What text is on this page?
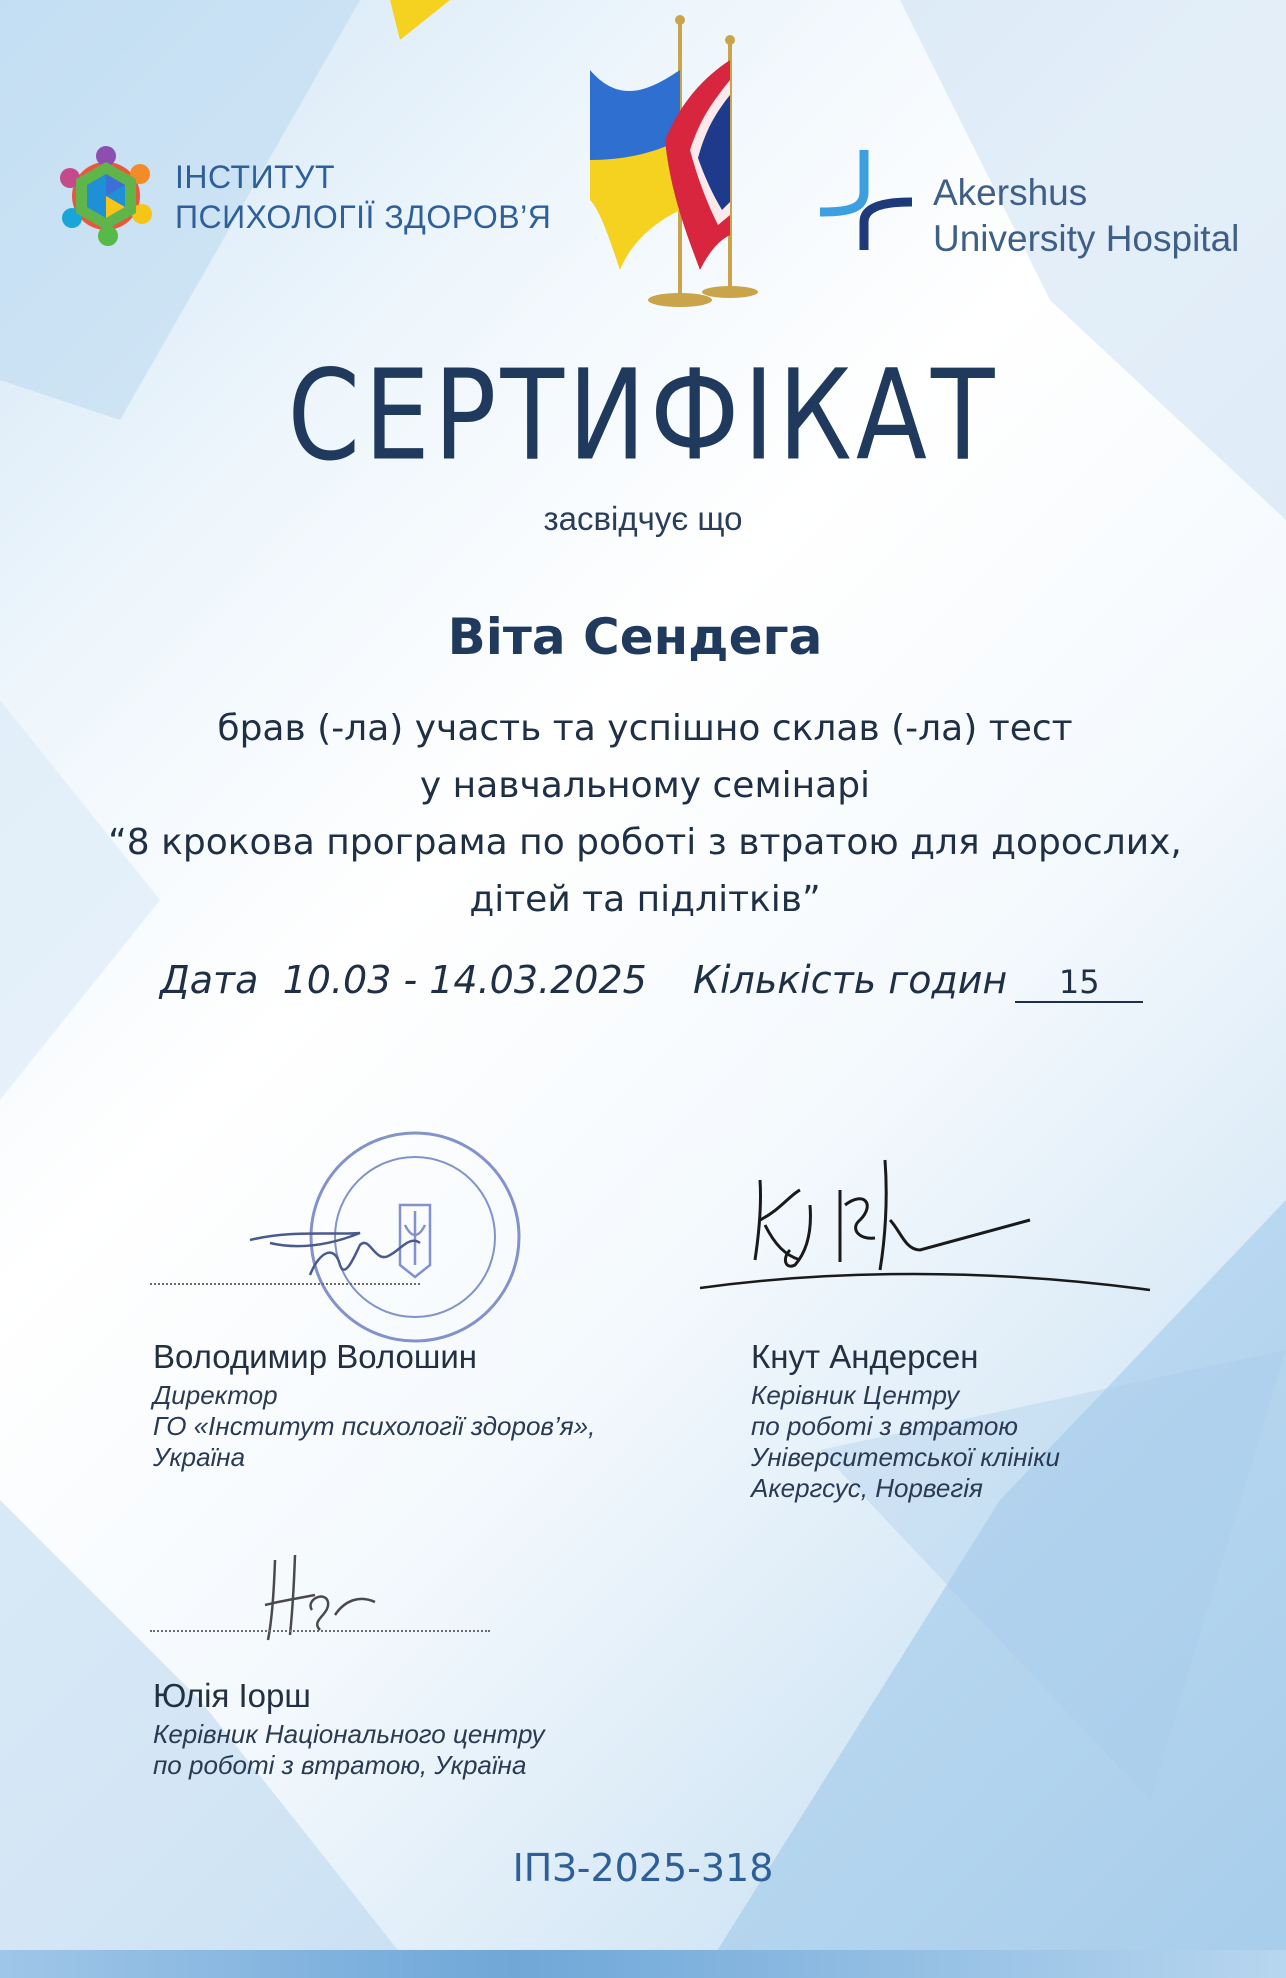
ІНСТИТУТ
ПСИХОЛОГІЇ ЗДОРОВ’Я
Akershus
University Hospital
СЕРТИФІКАТ
засвідчує що
Віта Сендега
брав (-ла) участь та успішно склав (-ла) тест
у навчальному семінарі
“8 крокова програма по роботі з втратою для дорослих,
дітей та підлітків”
Дата 10.03 - 14.03.2025 Кількість годин 15
Володимир Волошин
Директор
ГО «Інститут психології здоров’я»,
Україна
Кнут Андерсен
Керівник Центру
по роботі з втратою
Університетської клініки
Акергсус, Норвегія
Юлія Іорш
Керівник Національного центру
по роботі з втратою, Україна
ІПЗ-2025-318
